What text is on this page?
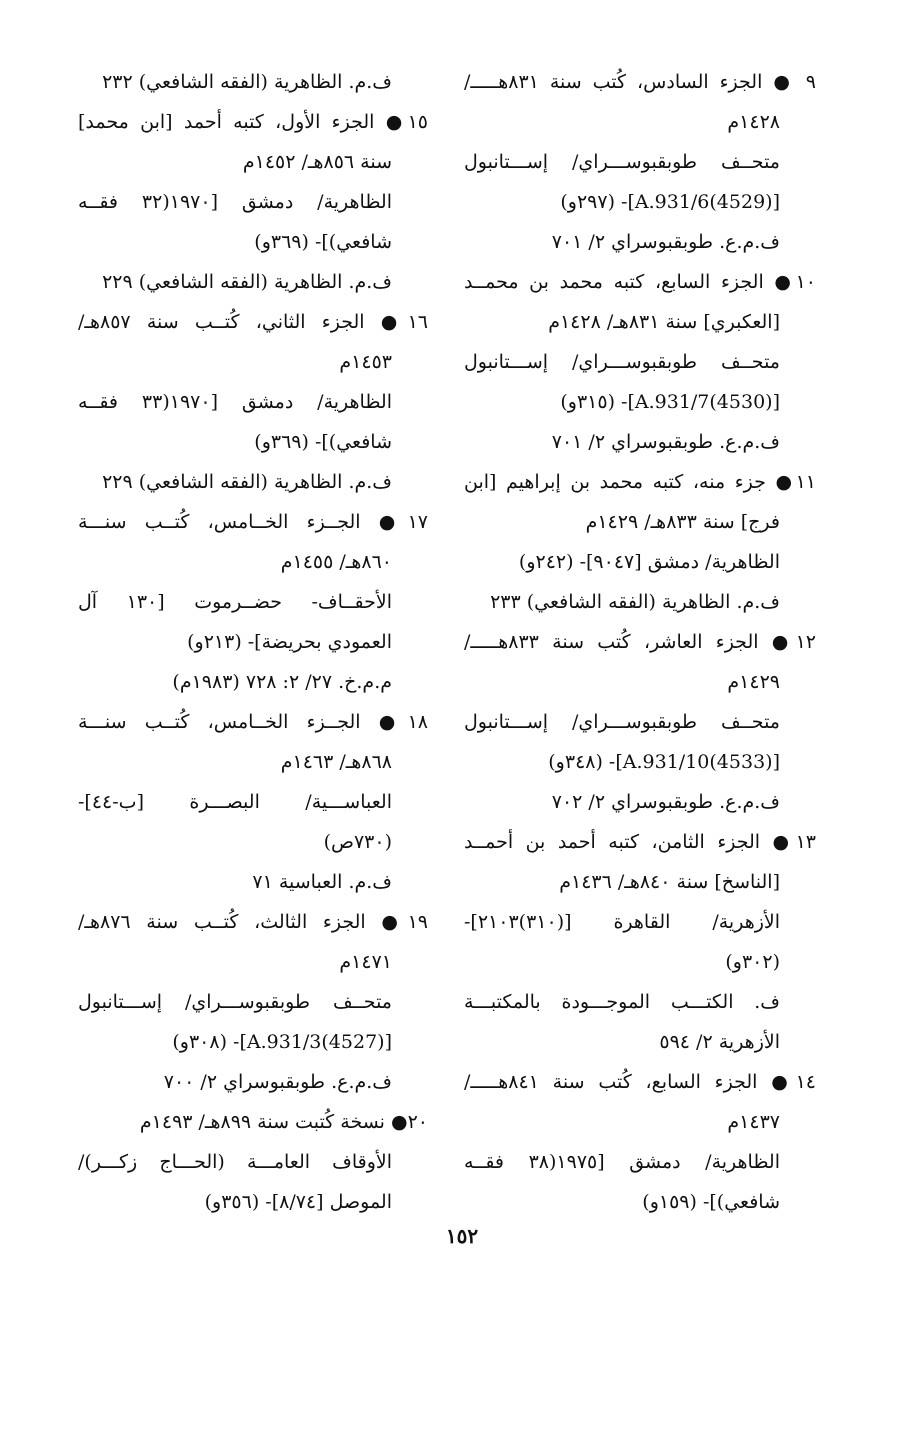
٩ ● الجزء السادس، كُتب سنة ٨٣١هـــــ/
١٤٢٨م
متحــف طوبقبوســـراي/ إســـتانبول
[A.931/6(4529)]- (٢٩٧و)
ف.م.ع. طوبقبوسراي ٢/ ٧٠١
١٠● الجزء السابع، كتبه محمد بن محمــد
[العكبري] سنة ٨٣١هـ/ ١٤٢٨م
متحــف طوبقبوســـراي/ إســـتانبول
[A.931/7(4530)]- (٣١٥و)
ف.م.ع. طوبقبوسراي ٢/ ٧٠١
١١● جزء منه، كتبه محمد بن إبراهيم [ابن
فرج] سنة ٨٣٣هـ/ ١٤٢٩م
الظاهرية/ دمشق [٩٠٤٧]- (٢٤٢و)
ف.م. الظاهرية (الفقه الشافعي) ٢٣٣
١٢● الجزء العاشر، كُتب سنة ٨٣٣هـــــ/
١٤٢٩م
متحــف طوبقبوســـراي/ إســـتانبول
[A.931/10(4533)]- (٣٤٨و)
ف.م.ع. طوبقبوسراي ٢/ ٧٠٢
١٣● الجزء الثامن، كتبه أحمد بن أحمــد
[الناسخ] سنة ٨٤٠هـ/ ١٤٣٦م
الأزهرية/ القاهرة [(٣١٠)٢١٠٣]-
(٣٠٢و)
ف. الكتـــب الموجـــودة بالمكتبـــة
الأزهرية ٢/ ٥٩٤
١٤● الجزء السابع، كُتب سنة ٨٤١هـــــ/
١٤٣٧م
الظاهرية/ دمشق [١٩٧٥(٣٨ فقــه
شافعي)]- (١٥٩و)
ف.م. الظاهرية (الفقه الشافعي) ٢٣٢
١٥● الجزء الأول، كتبه أحمد [ابن محمد]
سنة ٨٥٦هـ/ ١٤٥٢م
الظاهرية/ دمشق [١٩٧٠(٣٢ فقــه
شافعي)]- (٣٦٩و)
ف.م. الظاهرية (الفقه الشافعي) ٢٢٩
١٦● الجزء الثاني، كُتــب سنة ٨٥٧هـ/
١٤٥٣م
الظاهرية/ دمشق [١٩٧٠(٣٣ فقــه
شافعي)]- (٣٦٩و)
ف.م. الظاهرية (الفقه الشافعي) ٢٢٩
١٧● الجــزء الخــامس، كُتــب سنـــة
٨٦٠هـ/ ١٤٥٥م
الأحقــاف- حضــرموت [١٣٠ آل
العمودي بحريضة]- (٢١٣و)
م.م.خ. ٢٧/ ٢: ٧٢٨ (١٩٨٣م)
١٨● الجــزء الخــامس، كُتــب سنـــة
٨٦٨هـ/ ١٤٦٣م
العباســـية/ البصـــرة [ب-٤٤]-
(٧٣٠ص)
ف.م. العباسية ٧١
١٩● الجزء الثالث، كُتــب سنة ٨٧٦هـ/
١٤٧١م
متحــف طوبقبوســـراي/ إســـتانبول
[A.931/3(4527)]- (٣٠٨و)
ف.م.ع. طوبقبوسراي ٢/ ٧٠٠
٢٠● نسخة كُتبت سنة ٨٩٩هـ/ ١٤٩٣م
الأوقاف العامـــة (الحـــاج زكـــر)/
الموصل [٨/٧٤]- (٣٥٦و)
١٥٢
